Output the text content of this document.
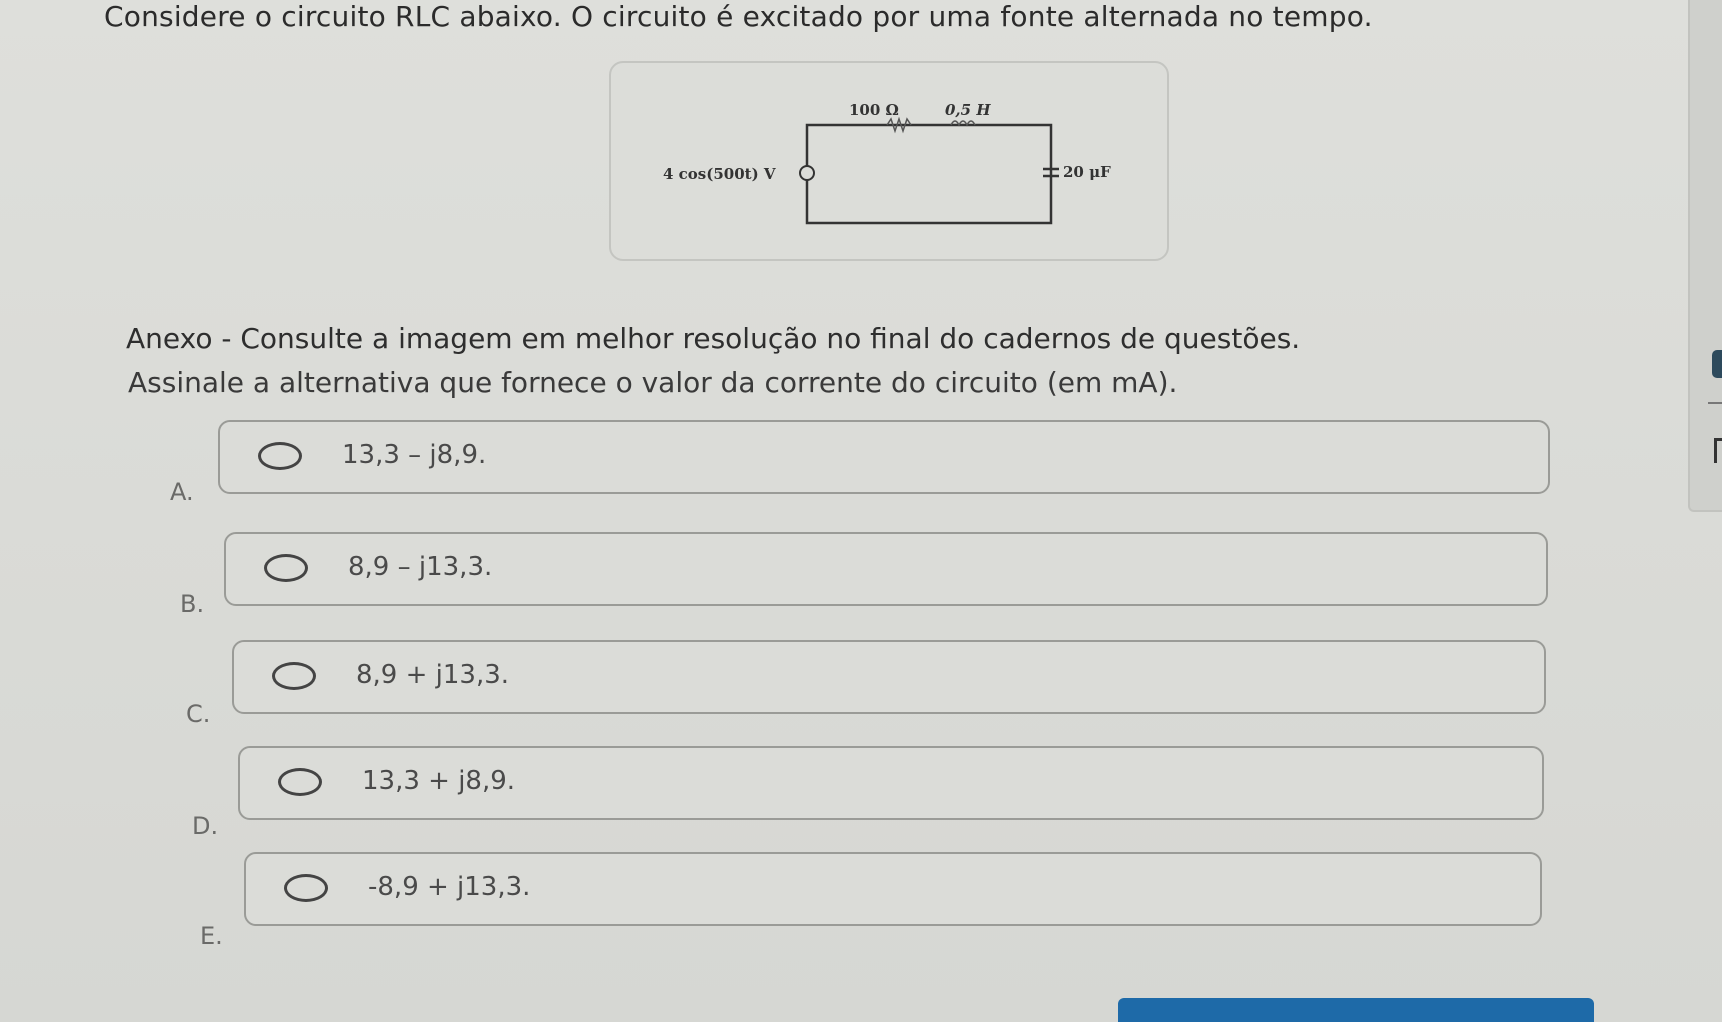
Considere o circuito RLC abaixo. O circuito é excitado por uma fonte alternada no tempo.
100 Ω	0,5 H
4 cos(500t) V	20 μF
Anexo - Consulte a imagem em melhor resolução no final do cadernos de questões.
Assinale a alternativa que fornece o valor da corrente do circuito (em mA).
A.
13,3 – j8,9.
B.
8,9 – j13,3.
C.
8,9 + j13,3.
D.
13,3 + j8,9.
E.
-8,9 + j13,3.
